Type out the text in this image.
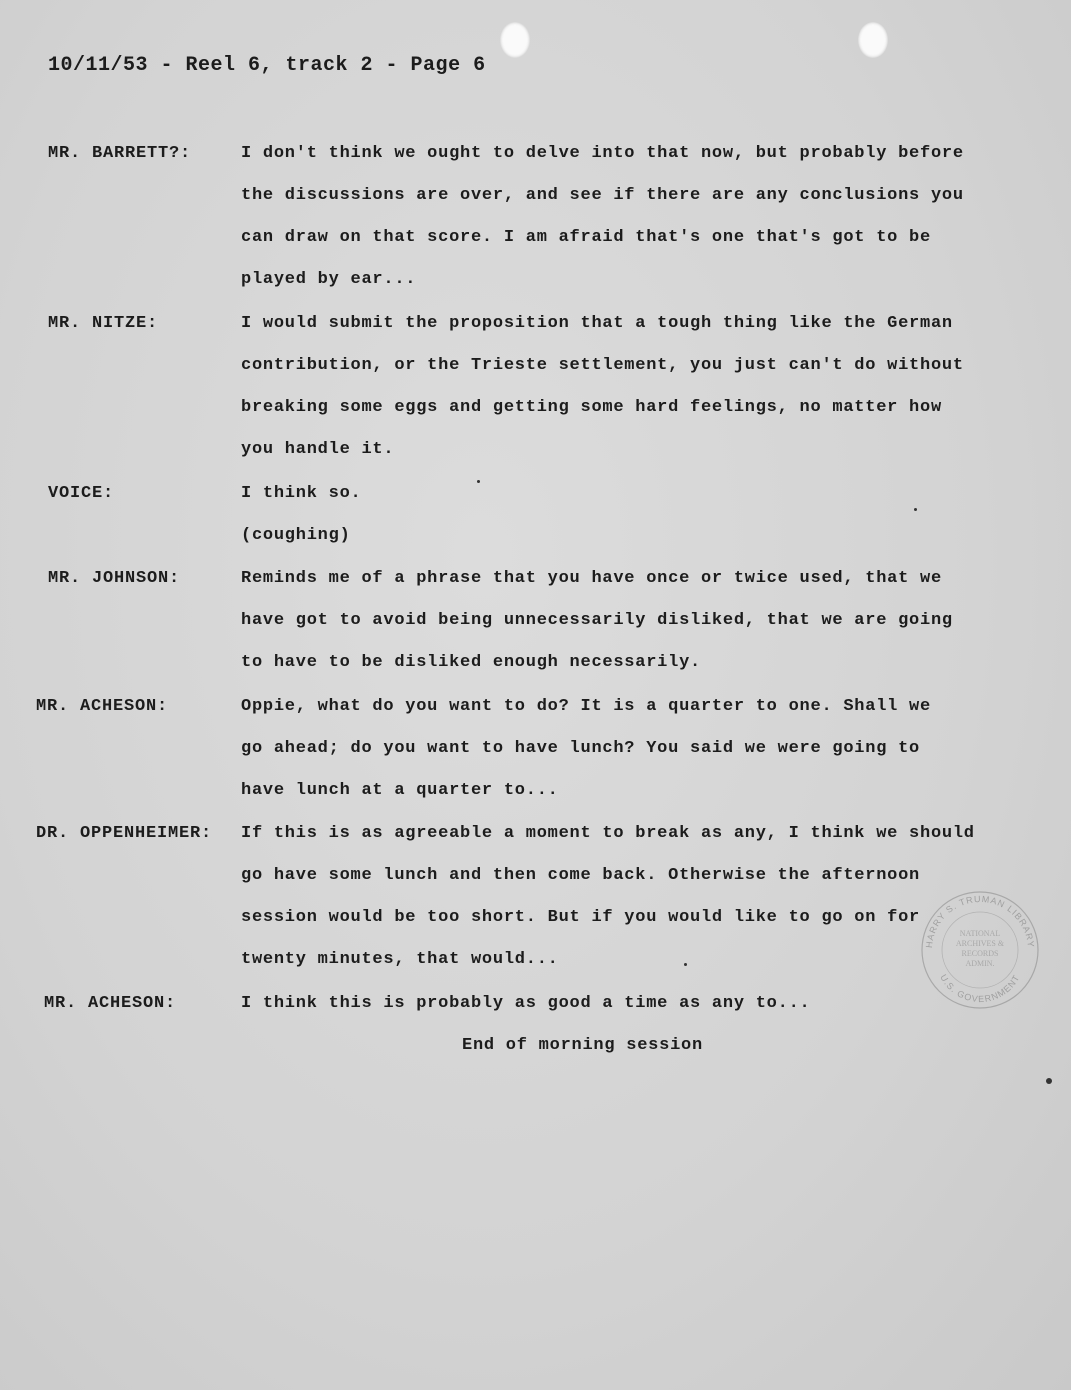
10/11/53 - Reel 6, track 2 - Page 6
MR. BARRETT?:	I don't think we ought to delve into that now, but probably before
the discussions are over, and see if there are any conclusions you
can draw on that score. I am afraid that's one that's got to be
played by ear...
MR. NITZE:	I would submit the proposition that a tough thing like the German
contribution, or the Trieste settlement, you just can't do without
breaking some eggs and getting some hard feelings, no matter how
you handle it.
VOICE:	I think so.
(coughing)
MR. JOHNSON:	Reminds me of a phrase that you have once or twice used, that we
have got to avoid being unnecessarily disliked, that we are going
to have to be disliked enough necessarily.
MR. ACHESON:	Oppie, what do you want to do? It is a quarter to one. Shall we
go ahead; do you want to have lunch? You said we were going to
have lunch at a quarter to...
DR. OPPENHEIMER: If this is as agreeable a moment to break as any, I think we should
go have some lunch and then come back. Otherwise the afternoon
session would be too short. But if you would like to go on for
twenty minutes, that would...
MR. ACHESON:	I think this is probably as good a time as any to...
End of morning session
HARRY S. TRUMAN LIBRARY
U.S. GOVERNMENT
NATIONAL
ARCHIVES &
RECORDS
ADMIN.
